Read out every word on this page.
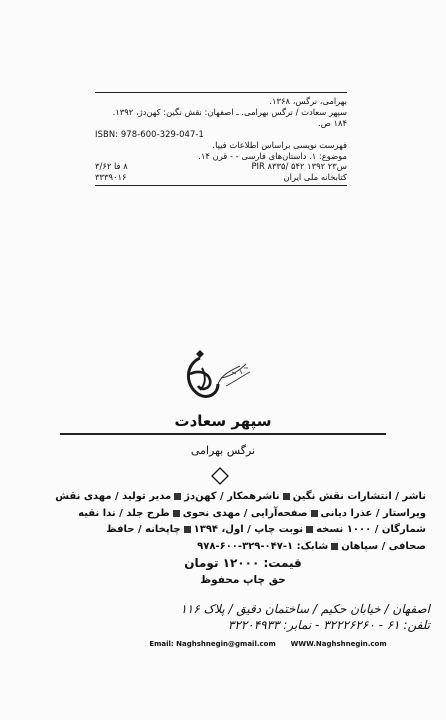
بهرامی، نرگس، ۱۳۶۸.
سپهر سعادت / نرگس بهرامی. ـ اصفهان: نقش نگین: کهن‌دژ، ۱۳۹۲.
۱۸۴ ص.
ISBN: 978-600-329-047-1
فهرست نویسی براساس اطلاعات فیپا.
موضوع: ۱. داستان‌های فارسی - - قرن ۱۴.
PIR ۸۳۳۵/ ۵۴۲ ۱۳۹۲ س۲۳
۸ فا ۳/۶۲
کتابخانه ملی ایران
۳۳۳۹۰۱۶
سپهر سعادت
نرگس بهرامی
ناشر / انتشارات نقش نگینناشرهمکار / کهن‌دژمدیر تولید / مهدی نقش
ویراستار / عذرا دیانیصفحه‌آرایی / مهدی نحویطرح جلد / ندا نقیه
شمارگان / ۱۰۰۰ نسخهنوبت چاپ / اول، ۱۳۹۴چاپخانه / حافظ
صحافی / سپاهانشابک: ۱-۰۴۷-۳۲۹-۶۰۰-۹۷۸
قیمت: ۱۲۰۰۰ تومان
حق چاپ محفوظ
اصفهان / خیابان حکیم / ساختمان دقیق / پلاک ۱۱۶
تلفن: ۶۱ - ۳۲۲۲۶۲۶۰ - نمابر: ۳۲۲۰۴۹۳۳
Email: Naghshnegin@gmail.com WWW.Naghshnegin.com
